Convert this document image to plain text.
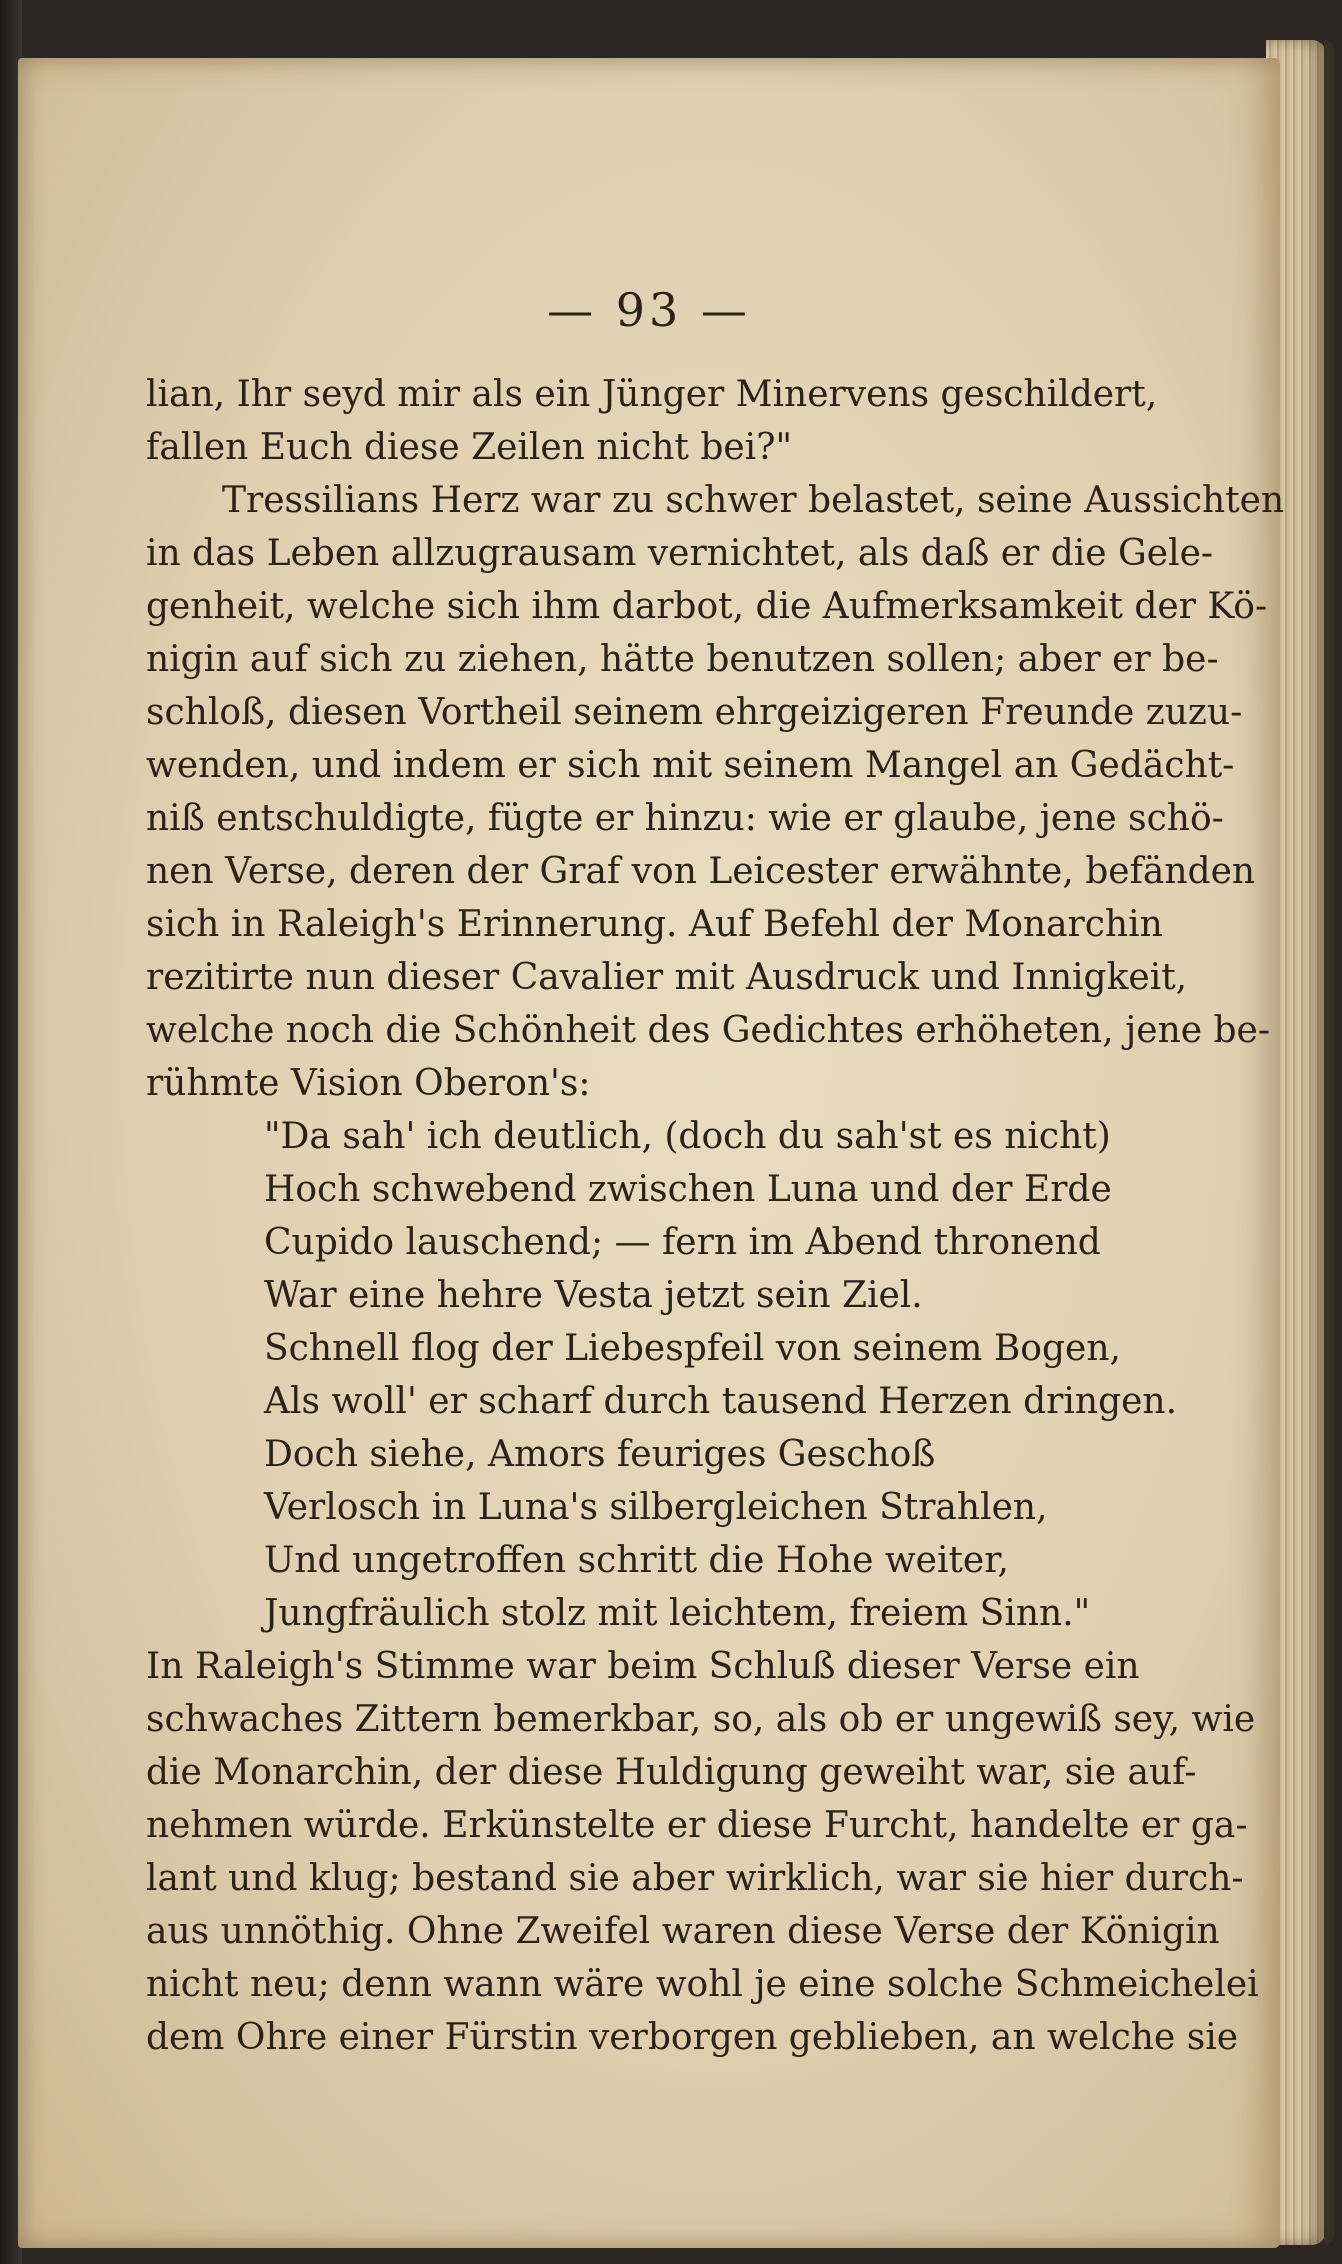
— 93 —
lian, Ihr seyd mir als ein Jünger Minervens geschildert,
fallen Euch diese Zeilen nicht bei?"
Tressilians Herz war zu schwer belastet, seine Aussichten
in das Leben allzugrausam vernichtet, als daß er die Gele-
genheit, welche sich ihm darbot, die Aufmerksamkeit der Kö-
nigin auf sich zu ziehen, hätte benutzen sollen; aber er be-
schloß, diesen Vortheil seinem ehrgeizigeren Freunde zuzu-
wenden, und indem er sich mit seinem Mangel an Gedächt-
niß entschuldigte, fügte er hinzu: wie er glaube, jene schö-
nen Verse, deren der Graf von Leicester erwähnte, befänden
sich in Raleigh's Erinnerung. Auf Befehl der Monarchin
rezitirte nun dieser Cavalier mit Ausdruck und Innigkeit,
welche noch die Schönheit des Gedichtes erhöheten, jene be-
rühmte Vision Oberon's:
"Da sah' ich deutlich, (doch du sah'st es nicht)
Hoch schwebend zwischen Luna und der Erde
Cupido lauschend; — fern im Abend thronend
War eine hehre Vesta jetzt sein Ziel.
Schnell flog der Liebespfeil von seinem Bogen,
Als woll' er scharf durch tausend Herzen dringen.
Doch siehe, Amors feuriges Geschoß
Verlosch in Luna's silbergleichen Strahlen,
Und ungetroffen schritt die Hohe weiter,
Jungfräulich stolz mit leichtem, freiem Sinn."
In Raleigh's Stimme war beim Schluß dieser Verse ein
schwaches Zittern bemerkbar, so, als ob er ungewiß sey, wie
die Monarchin, der diese Huldigung geweiht war, sie auf-
nehmen würde. Erkünstelte er diese Furcht, handelte er ga-
lant und klug; bestand sie aber wirklich, war sie hier durch-
aus unnöthig. Ohne Zweifel waren diese Verse der Königin
nicht neu; denn wann wäre wohl je eine solche Schmeichelei
dem Ohre einer Fürstin verborgen geblieben, an welche sie
